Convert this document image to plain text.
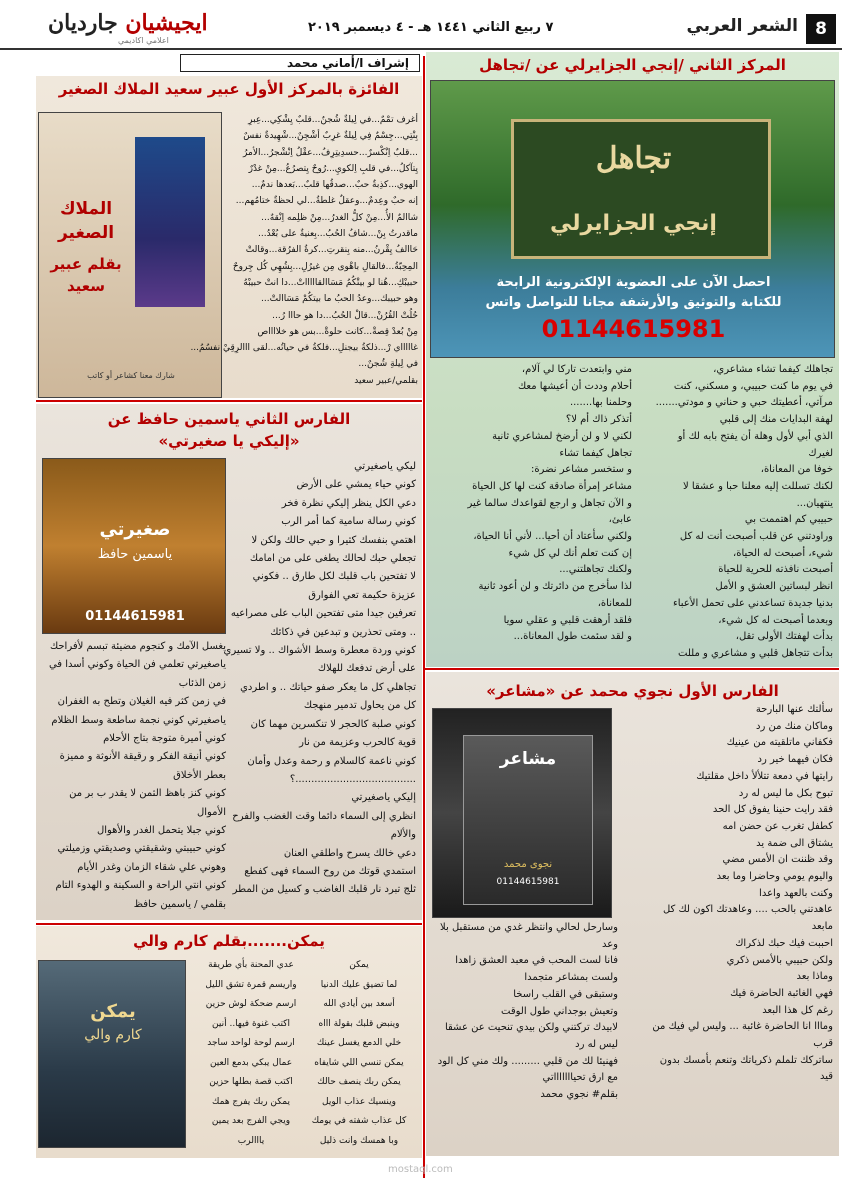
8
الشعر العربي
٧ ربيع الثاني ١٤٤١ هـ - ٤ ديسمبر ٢٠١٩
ايجيشيان جارديان
اعلامي اكاديمي
إشراف ا/أماني محمد	المركز الثاني /إنجي الجزايرلي عن /تجاهل
تجاهل
إنجي الجزايرلي
احصل الآن على العضوية الإلكترونية الرابحة
للكتابة والتوثيق والأرشفة مجانا للتواصل واتس
01144615981
تجاهلك كيفما تشاء مشاعري،
في يوم ما كنت حبيبي، و مسكني، كنت
مرآتي، أعطيتك حبي و حناني و مودتي.......
لهفة البدايات منك إلى قلبي
الذي أبي لأول وهلة أن يفتح بابه لك أو
لغيرك
خوفا من المعاناة،
لكنك تسللت إليه معلنا حبا و عشقا لا
ينتهيان...
حبيبي كم اهتممت بي
وراودتني عن قلب أصبحت أنت له كل
شيء، أصبحت له الحياة،
أصبحت نافذته للحرية للحياة
انظر لبساتين العشق و الأمل
بدنيا جديدة تساعدني على تحمل الأعباء
وبعدما أصبحت له كل شيء،
بدأت لهفتك الأولى تقل،
بدأت تتجاهل قلبي و مشاعري و مللت
مني وابتعدت تاركا لي آلام،
أحلام وددت أن أعيشها معك
وحلمنا بها.......
أتذكر ذاك أم لا؟
لكني لا و لن أرضخ لمشاعري ثانية
تجاهل كيفما تشاء
و ستخسر مشاعر نضرة:
مشاعر إمرأة صادقة كنت لها كل الحياة
و الآن تجاهل و ارجع لقواعدك سالما غير
عابئ،
ولكني سأعتاد أن أحيا... لأني أنا الحياة،
إن كنت تعلم أنك لي كل شيء
ولكنك تجاهلتني...
لذا سأخرج من دائرتك و لن أعود ثانية
للمعاناة،
فلقد أرهقت قلبي و عقلي سويا
و لقد سئمت طول المعاناة...
الفارس الأول نجوي محمد عن «مشاعر»
مشاعر
نجوى محمد
01144615981
سألتك عنها البارحة
وماكان منك من رد
فكفاني ماتلقيته من عينيك
فكان فيهما خير رد
رايتها في دمعة تتلألأ داخل مقلتيك
تبوح بكل ما ليس له رد
فقد رايت حنينا يفوق كل الحد
كطفل تغرب عن حضن امه
يشتاق الى ضمة يد
وقد ظننت ان الأمس مضي
واليوم يومي وحاضرا وما بعد
وكنت بالعهد واعدا
عاهدتني بالحب .... وعاهدتك اكون لك كل
مابعد
احببت فيك حبك لذكراك
ولكن حبيبي بالأمس ذكري
وماذا بعد
فهي الغائبة الحاضرة فيك
رغم كل هذا البعد
ومااا انا الحاضرة غائبة ... وليس لي فيك من
قرب
ساتركك تلملم ذكرياتك وتنعم بأمسك بدون
قيد
وسارحل لحالي وانتظر غدي من مستقبل بلا
وعد
فانا لست المحب في معبد العشق زاهدا
ولست بمشاعر متجمدا
وستبقى في القلب راسخا
وتعيش بوجداني طول الوقت
لابيدك تركتني ولكن بيدي تنحيت عن عشقا
ليس له رد
فهنيئا لك من قلبي ......... ولك مني كل الود
مع ارق تحياااااااتي
بقلم# نجوي محمد
الفائزة بالمركز الأول عبير سعيد الملاك الصغير
الملاك الصغير
بقلم عبير سعيد
شارك معنا كشاعر أو كاتب
أغرف تمْمٌ...في لِيلةٌ شُجنٌ...قلبٌ يِشْكِي...عِبرِ
بِنْتِي...جِسْمٌ فِي لِيلةٌ غرِبٌ أشْجِنٌ...شْهِيدةٌ نفسٌ
...قلبٌ اِنْكْسرٌ...حسدِيتِرِفُ...عقْلُ اِنْشْجرُ...الأمرُ
يِتآكلُ...في قلبِ اِلكويِ...رُوحٌ يِتصرُعُ...مِنْ غدْرٌ
الهوي...كذِبةٌ حبٌ...صدقُها قلبٌ...بَعدها ندمٌ...
إنه حبٌ وعِدمٌ...وعقلٌ غلطةُ...لي لحظةٌ ختامُهم...
شاالمٌ الأُ...مِنْ كلُّ الغدرُ...مِنْ ظلِمه اِنْقهٌ...
ماقدرتُ بِنْ...شافُ الحُبُ...بِعنيةٌ على بُعْدُ...
حَاالفُ يِقْرنُ...منه بِنقرتِ...كرةُ الفرُقة...وقالتْ
المِحِبّةُ...فالقالِ باهْوى مِن غيرُلِ...بِشُهِي كُل جِروحٌ
حبيبْكِ...هُنا لو بيتْكُمُ مَسَاالقاااااتْ...دا انتْ حبيبْهُ
وهو حبيبك...وعدُ الحبُ ما بيتكُمْ مَسَاالتْ...
حُلُتْ القُرُنْ...قالْ الحُبُ...دا هو حااا رُ...
مِنْ بُعدْ قِصةْ...كانت حلوةْ...بس هو خلااااص
غاااااي رْ...ذلكةُ بيجنلِ...فلكةُ في حياتُه...لقى ااالرِقِيْ نفسُمُ...
في لِيلةِ شُجنٌ...
بقلمي/عبير سعيد
الفارس الثاني ياسمين حافظ عن
«إليكي يا صغيرتي»
صغيرتي
ياسمين حافظ
01144615981
ليكي ياصغيرتي
كوني حياء يمشي على الأرض
دعي الكل ينظر إليكي نظرة فخر
كوني رسالة سامية كما أمر الرب
اهتمي بنفسك كثيرا و حبي حالك ولكن لا
تجعلي حبك لحالك يطغى على من امامك
لا تفتحين باب قلبك لكل طارق .. فكوني
عزيزة حكيمة تعي الفوارق
تعرفين جيدا متى تفتحين الباب على مصراعيه
.. ومتى تحذرين و تبدعين في ذكائك
كوني وردة معطرة وسط الأشواك .. ولا تسيري
على أرض تدفعك للهلاك
تجاهلي كل ما يعكر صفو حياتك .. و اطردي
كل من يحاول تدمير منهجك
كوني صلبة كالحجر لا تنكسرين مهما كان
قوية كالحرب وعزيمة من نار
كوني ناعمة كالسلام و رحمة وعدل وأمان
......................................؟
إليكي ياصغيرتي
انظري إلى السماء دائما وقت الغضب والفرح
والألام
دعي خالك يسرح واطلقي العنان
استمدي قوتك من روح السماء فهى كفطع
ثلج تبرد نار قلبك الغاضب و كسيل من المطر
يغسل الآمك و كنجوم مضيئة تبسم لأفراحك
ياصغيرتي تعلمي فن الحياة وكوني أسدا في
زمن الذئاب
في زمن كثر فيه الغيلان وتطح به الغفران
ياصغيرتي كوني نجمة ساطعة وسط الظلام
كوني أميرة متوجة بتاج الأحلام
كوني أنيقة الفكر و رقيقة الأنوثة و مميزة
بعطر الأخلاق
كوني كنز باهظ الثمن لا يقدر ب بر من
الأموال
كوني جبلا يتحمل الغدر والأهوال
كوني حبيبتي وشقيقتي وصديقتي وزميلتي
وهوني علي شقاء الزمان وغدر الأيام
كوني انتي الراحة و السكينة و الهدوء التام
بقلمي / ياسمين حافظ
يمكن.......بقلم كارم والي
يمكن
كارم والي
يمكن
لما تضيق عليك الدنيا
أسعد بين أيادي الله
وينبض قلبك بقولة اااه
خلي الدمع يغسل عينك
يمكن تنسي اللي شايفاه
يمكن ربك ينصف حالك
وينسيك عذاب الويل
كل عذاب شفته في يومك
وبا همسك وانت ذليل
عدي المحنة بأي طريقة
واريسم قمرة تشق الليل
ارسم ضحكة لوش حزين
اكتب غنوة فيها.. أنين
ارسم لوحة لواحد ساجد
عمال يبكي بدمع العين
اكتب قصة بطلها حزين
يمكن ربك يفرج همك
ويجي الفرج بعد يمين
يااالرب
mostaql.com
